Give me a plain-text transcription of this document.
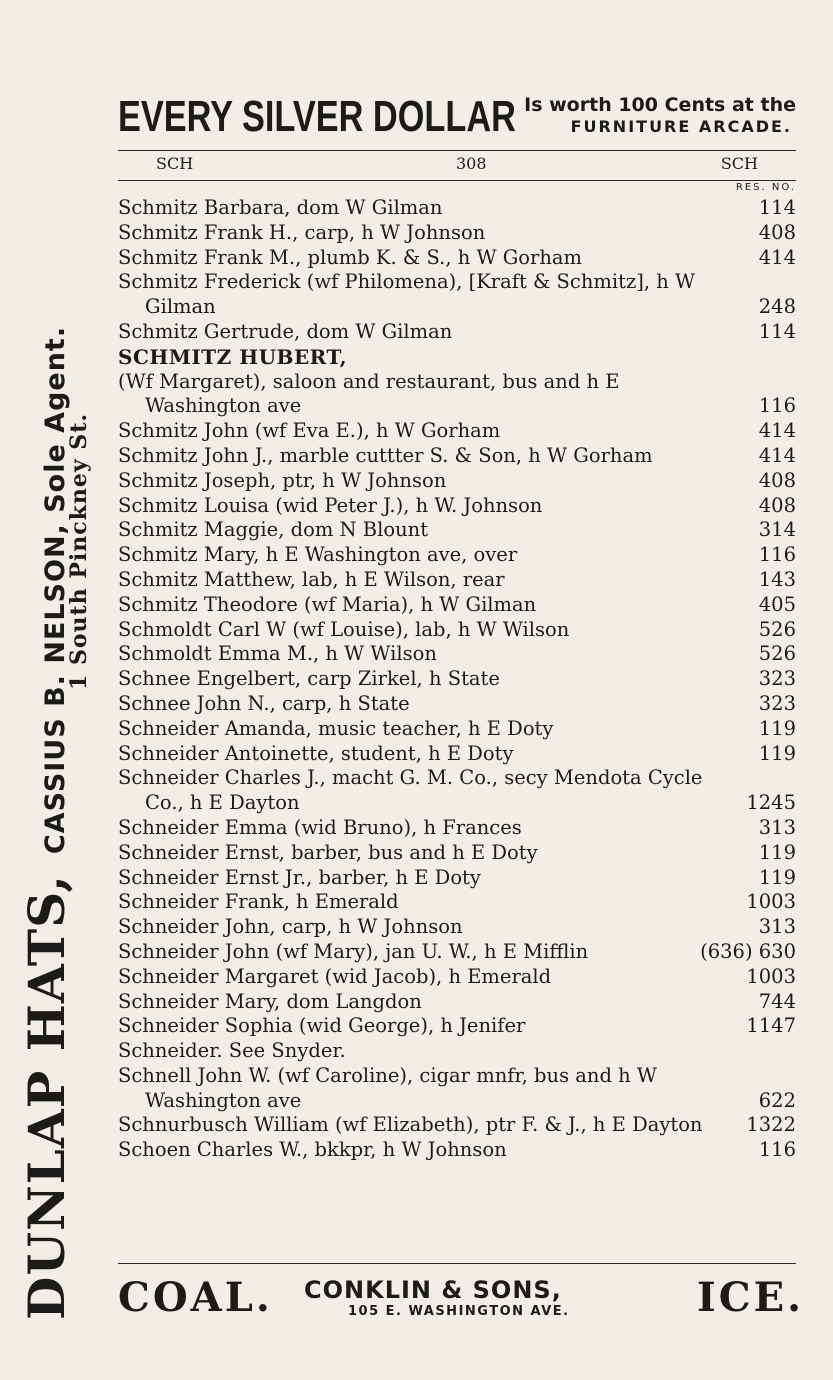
DUNLAP HATS,
CASSIUS B. NELSON, Sole Agent.
1 South Pinckney St.
EVERY SILVER DOLLAR Is worth 100 Cents at the
FURNITURE ARCADE.
SCH	308	SCH
RES. NO.
Schmitz Barbara, dom W Gilman	114
Schmitz Frank H., carp, h W Johnson	408
Schmitz Frank M., plumb K. & S., h W Gorham	414
Schmitz Frederick (wf Philomena), [Kraft & Schmitz], h W Gilman	248
Schmitz Gertrude, dom W Gilman	114
SCHMITZ HUBERT,
(Wf Margaret), saloon and restaurant, bus and h E Washington ave	116
Schmitz John (wf Eva E.), h W Gorham	414
Schmitz John J., marble cuttter S. & Son, h W Gorham	414
Schmitz Joseph, ptr, h W Johnson	408
Schmitz Louisa (wid Peter J.), h W. Johnson	408
Schmitz Maggie, dom N Blount	314
Schmitz Mary, h E Washington ave, over	116
Schmitz Matthew, lab, h E Wilson, rear	143
Schmitz Theodore (wf Maria), h W Gilman	405
Schmoldt Carl W (wf Louise), lab, h W Wilson	526
Schmoldt Emma M., h W Wilson	526
Schnee Engelbert, carp Zirkel, h State	323
Schnee John N., carp, h State	323
Schneider Amanda, music teacher, h E Doty	119
Schneider Antoinette, student, h E Doty	119
Schneider Charles J., macht G. M. Co., secy Mendota Cycle Co., h E Dayton	1245
Schneider Emma (wid Bruno), h Frances	313
Schneider Ernst, barber, bus and h E Doty	119
Schneider Ernst Jr., barber, h E Doty	119
Schneider Frank, h Emerald	1003
Schneider John, carp, h W Johnson	313
Schneider John (wf Mary), jan U. W., h E Mifflin	(636) 630
Schneider Margaret (wid Jacob), h Emerald	1003
Schneider Mary, dom Langdon	744
Schneider Sophia (wid George), h Jenifer	1147
Schneider. See Snyder.
Schnell John W. (wf Caroline), cigar mnfr, bus and h W Washington ave	622
Schnurbusch William (wf Elizabeth), ptr F. & J., h E Dayton	1322
Schoen Charles W., bkkpr, h W Johnson	116
COAL. CONKLIN & SONS,
105 E. WASHINGTON AVE.	ICE.
